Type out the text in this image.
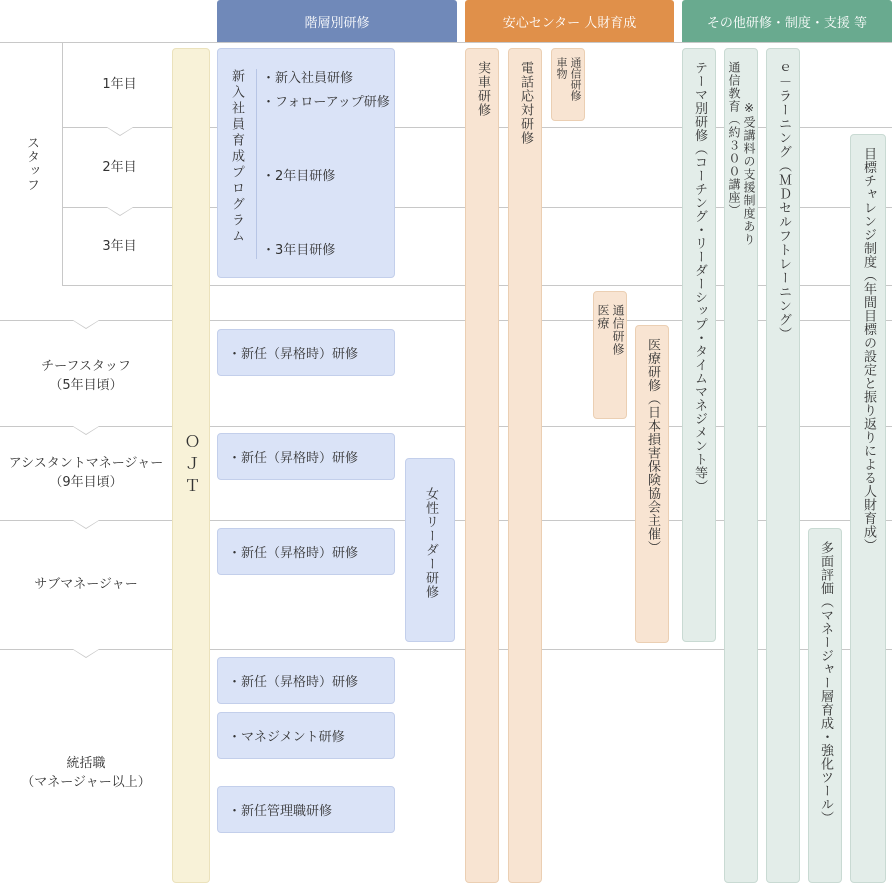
階層別研修	安心センター 人財育成	その他研修・制度・支援 等
スタッフ
1年目
2年目
3年目
チーフスタッフ
（5年目頃）
アシスタントマネージャー
（9年目頃）
サブマネージャー
統括職
（マネージャー以上）
ＯＪＴ
新入社員育成プログラム ・新入社員研修
・フォローアップ研修
・2年目研修
・3年目研修
・新任（昇格時）研修
・新任（昇格時）研修
・新任（昇格時）研修
・新任（昇格時）研修
・マネジメント研修
・新任管理職研修
女性リーダー研修
実車研修 電話応対研修 車物 通信研修
医療 通信研修
医療研修（日本損害保険協会主催） テーマ別研修（コーチング・リーダーシップ・タイムマネジメント等） 通信教育（約３００講座） ※受講料の支援制度あり ｅ－ラーニング（ＭＤセルフトレーニング）
多面評価（マネージャー層育成・強化ツール）
目標チャレンジ制度（年間目標の設定と振り返りによる人財育成）
